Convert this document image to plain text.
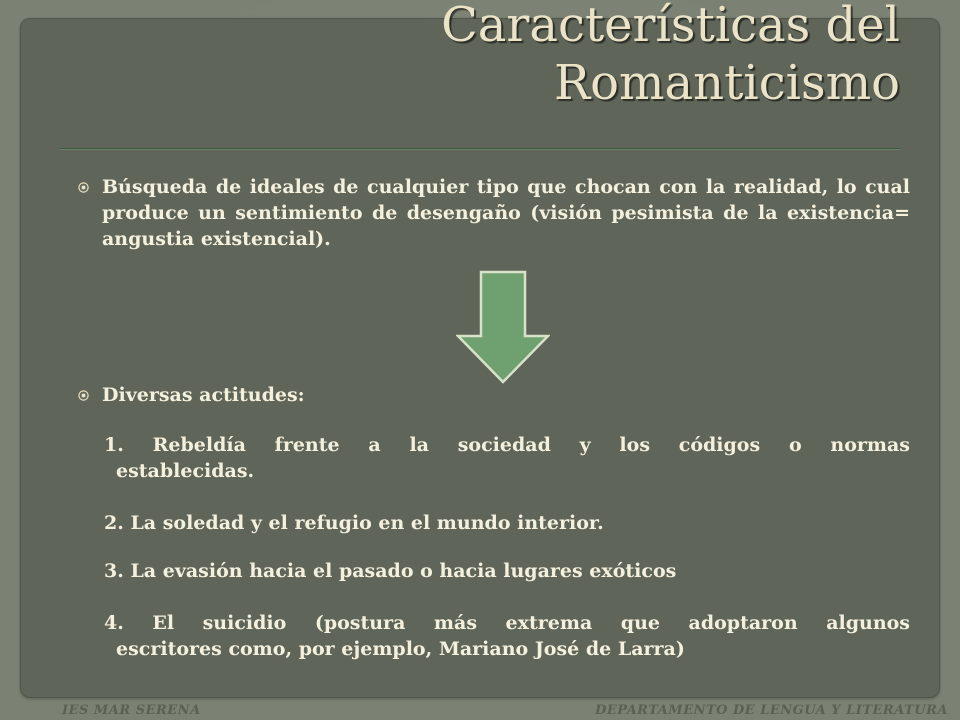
Características del
Romanticismo
Búsqueda de ideales de cualquier tipo que chocan con la realidad, lo cual produce un sentimiento de desengaño (visión pesimista de la existencia= angustia existencial).
Diversas actitudes:
1. Rebeldía frente a la sociedad y los códigos o normas
establecidas.
2. La soledad y el refugio en el mundo interior.
3. La evasión hacia el pasado o hacia lugares exóticos
4. El suicidio (postura más extrema que adoptaron algunos
escritores como, por ejemplo, Mariano José de Larra)
IES MAR SERENA	DEPARTAMENTO DE LENGUA Y LITERATURA
